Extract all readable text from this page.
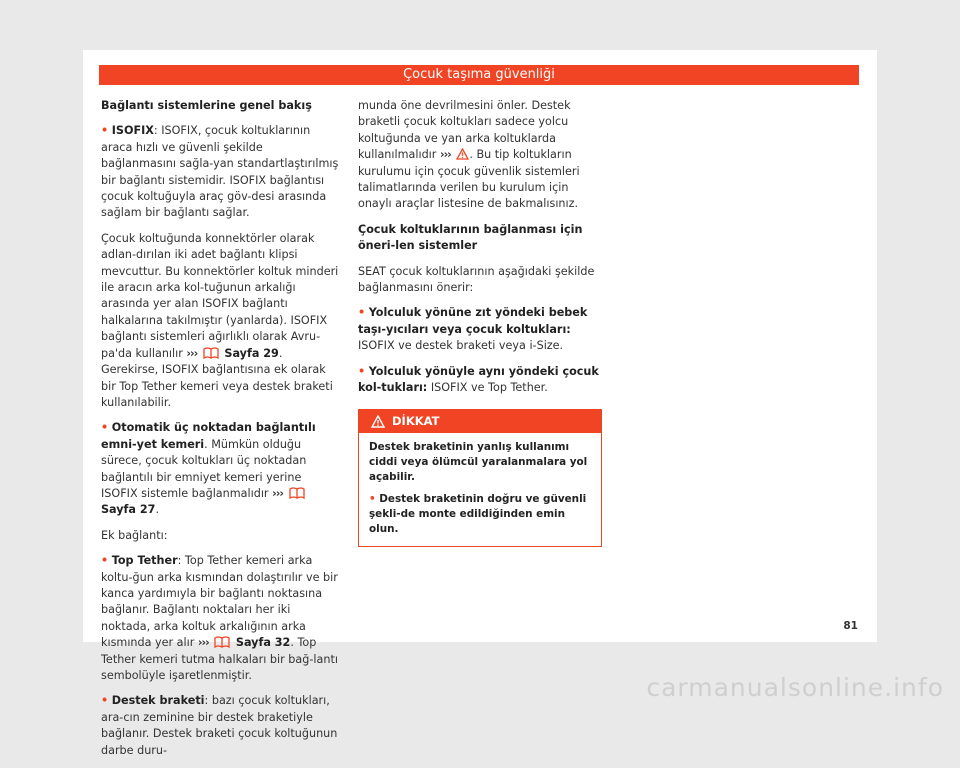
Çocuk taşıma güvenliği
Bağlantı sistemlerine genel bakış

• ISOFIX: ISOFIX, çocuk koltuklarının araca hızlı ve güvenli şekilde bağlanmasını sağla-yan standartlaştırılmış bir bağlantı sistemidir. ISOFIX bağlantısı çocuk koltuğuyla araç göv-desi arasında sağlam bir bağlantı sağlar.

Çocuk koltuğunda konnektörler olarak adlan-dırılan iki adet bağlantı klipsi mevcuttur. Bu konnektörler koltuk minderi ile aracın arka kol-tuğunun arkalığı arasında yer alan ISOFIX bağlantı halkalarına takılmıştır (yanlarda). ISOFIX bağlantı sistemleri ağırlıklı olarak Avru-pa'da kullanılır ››› Sayfa 29. Gerekirse, ISOFIX bağlantısına ek olarak bir Top Tether kemeri veya destek braketi kullanılabilir.

• Otomatik üç noktadan bağlantılı emni-yet kemeri. Mümkün olduğu sürece, çocuk koltukları üç noktadan bağlantılı bir emniyet kemeri yerine ISOFIX sistemle bağlanmalıdır ›››  Sayfa 27.

Ek bağlantı:

• Top Tether: Top Tether kemeri arka koltu-ğun arka kısmından dolaştırılır ve bir kanca yardımıyla bir bağlantı noktasına bağlanır. Bağlantı noktaları her iki noktada, arka koltuk arkalığının arka kısmında yer alır ››› Sayfa 32. Top Tether kemeri tutma halkaları bir bağ-lantı sembolüyle işaretlenmiştir.

• Destek braketi: bazı çocuk koltukları, ara-cın zeminine bir destek braketiyle bağlanır. Destek braketi çocuk koltuğunun darbe duru-

munda öne devrilmesini önler. Destek braketli çocuk koltukları sadece yolcu koltuğunda ve yan arka koltuklarda kullanılmalıdır ››› . Bu tip koltukların kurulumu için çocuk güvenlik sistemleri talimatlarında verilen bu kurulum için onaylı araçlar listesine de bakmalısınız.

Çocuk koltuklarının bağlanması için öneri-len sistemler

SEAT çocuk koltuklarının aşağıdaki şekilde bağlanmasını önerir:

• Yolculuk yönüne zıt yöndeki bebek taşı-yıcıları veya çocuk koltukları: ISOFIX ve destek braketi veya i-Size.

• Yolculuk yönüyle aynı yöndeki çocuk kol-tukları: ISOFIX ve Top Tether.

DİKKAT

Destek braketinin yanlış kullanımı ciddi veya ölümcül yaralanmalara yol açabilir.

• Destek braketinin doğru ve güvenli şekli-de monte edildiğinden emin olun.

81
carmanualsonline.info
